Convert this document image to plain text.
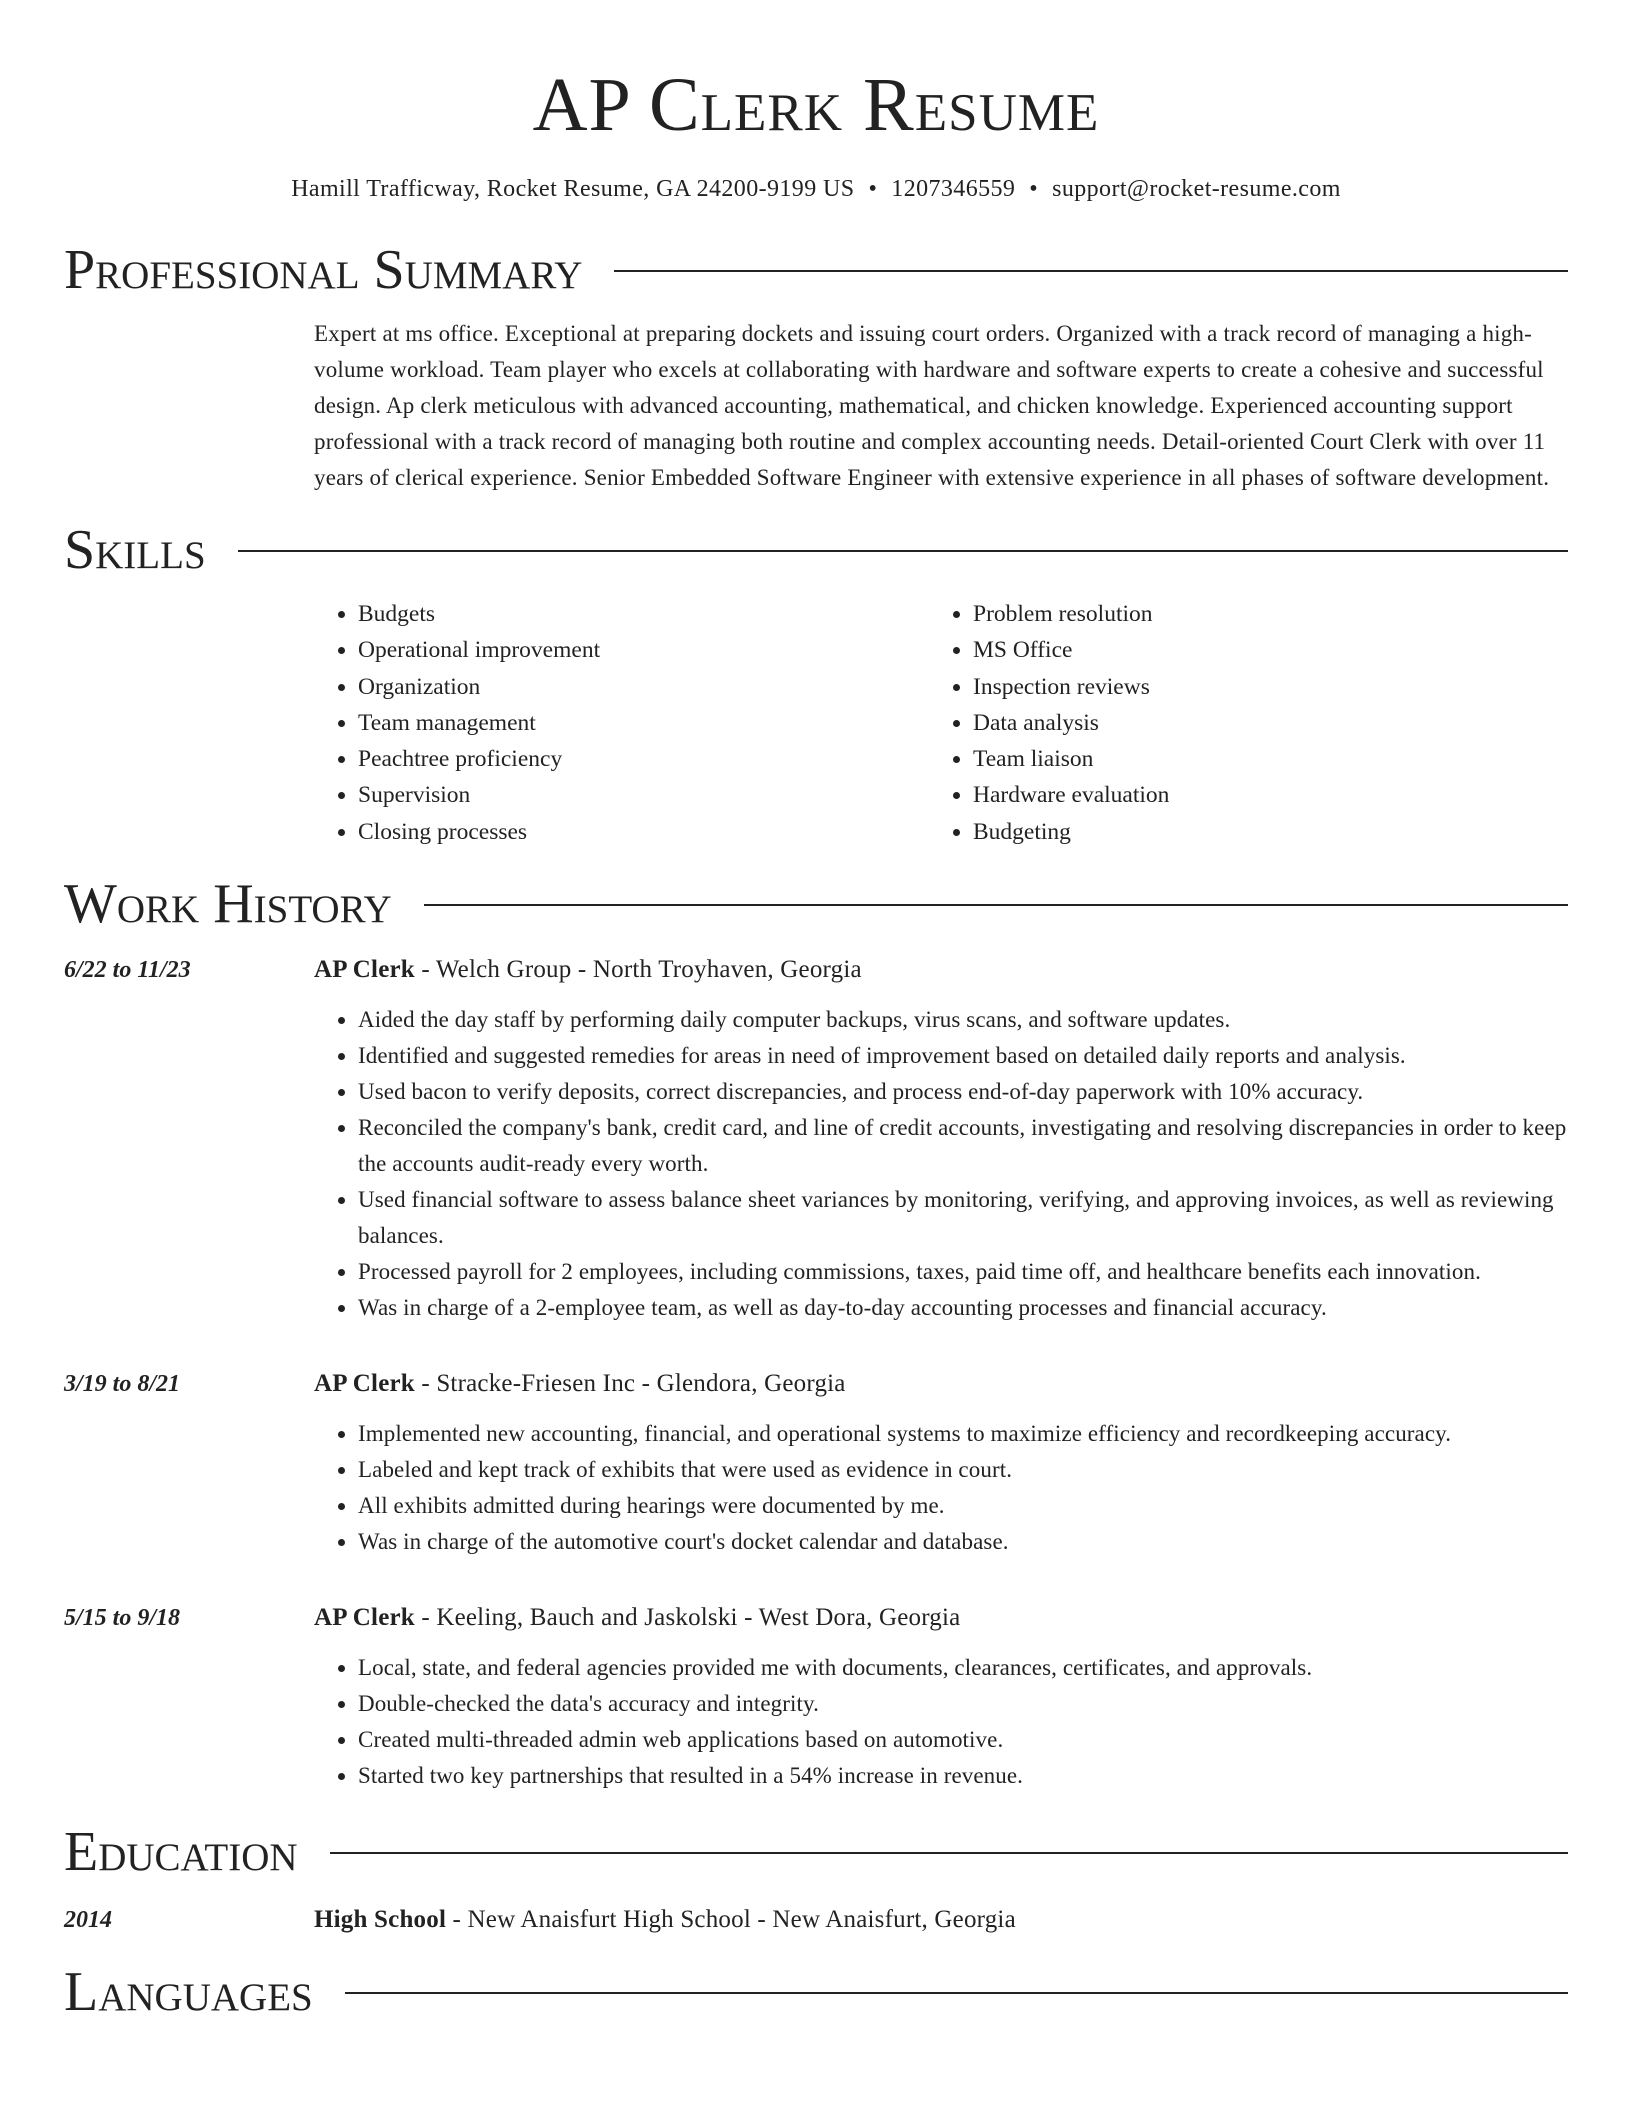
AP Clerk Resume
Hamill Trafficway, Rocket Resume, GA 24200-9199 US • 1207346559 • support@rocket-resume.com
Professional Summary
Expert at ms office. Exceptional at preparing dockets and issuing court orders. Organized with a track record of managing a high-volume workload. Team player who excels at collaborating with hardware and software experts to create a cohesive and successful design. Ap clerk meticulous with advanced accounting, mathematical, and chicken knowledge. Experienced accounting support professional with a track record of managing both routine and complex accounting needs. Detail-oriented Court Clerk with over 11 years of clerical experience. Senior Embedded Software Engineer with extensive experience in all phases of software development.
Skills
• Budgets
• Operational improvement
• Organization
• Team management
• Peachtree proficiency
• Supervision
• Closing processes
• Problem resolution
• MS Office
• Inspection reviews
• Data analysis
• Team liaison
• Hardware evaluation
• Budgeting
Work History
6/22 to 11/23	AP Clerk - Welch Group - North Troyhaven, Georgia
• Aided the day staff by performing daily computer backups, virus scans, and software updates.
• Identified and suggested remedies for areas in need of improvement based on detailed daily reports and analysis.
• Used bacon to verify deposits, correct discrepancies, and process end-of-day paperwork with 10% accuracy.
• Reconciled the company's bank, credit card, and line of credit accounts, investigating and resolving discrepancies in order to keep the accounts audit-ready every worth.
• Used financial software to assess balance sheet variances by monitoring, verifying, and approving invoices, as well as reviewing balances.
• Processed payroll for 2 employees, including commissions, taxes, paid time off, and healthcare benefits each innovation.
• Was in charge of a 2-employee team, as well as day-to-day accounting processes and financial accuracy.
3/19 to 8/21	AP Clerk - Stracke-Friesen Inc - Glendora, Georgia
• Implemented new accounting, financial, and operational systems to maximize efficiency and recordkeeping accuracy.
• Labeled and kept track of exhibits that were used as evidence in court.
• All exhibits admitted during hearings were documented by me.
• Was in charge of the automotive court's docket calendar and database.
5/15 to 9/18	AP Clerk - Keeling, Bauch and Jaskolski - West Dora, Georgia
• Local, state, and federal agencies provided me with documents, clearances, certificates, and approvals.
• Double-checked the data's accuracy and integrity.
• Created multi-threaded admin web applications based on automotive.
• Started two key partnerships that resulted in a 54% increase in revenue.
Education
2014	High School - New Anaisfurt High School - New Anaisfurt, Georgia
Languages
